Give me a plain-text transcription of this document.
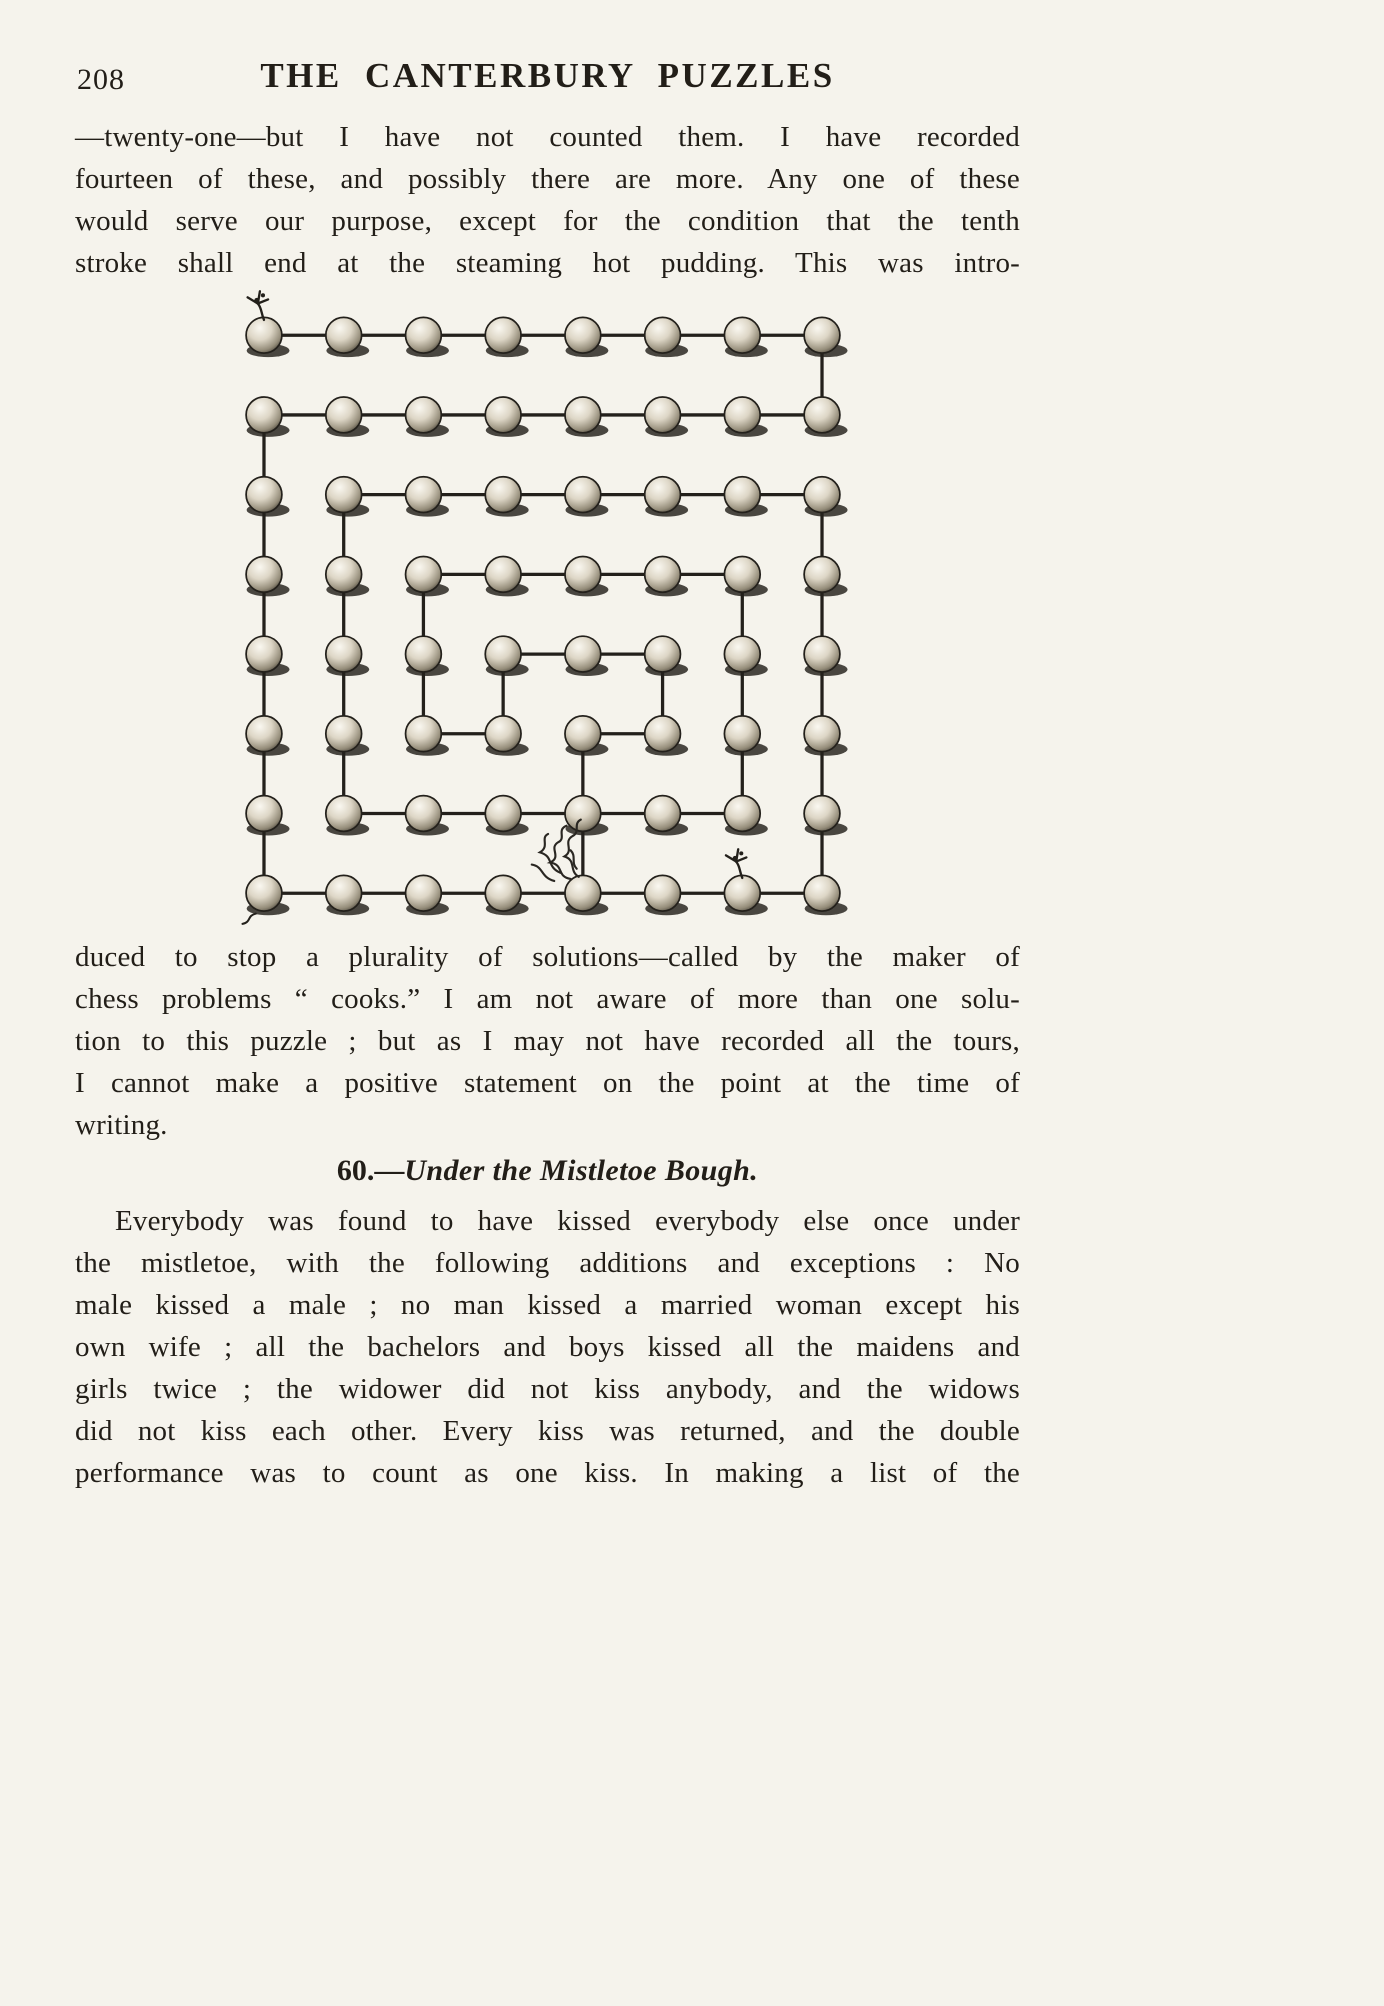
208	THE CANTERBURY PUZZLES
—twenty-one—but I have not counted them. I have recorded
fourteen of these, and possibly there are more. Any one of these
would serve our purpose, except for the condition that the tenth
stroke shall end at the steaming hot pudding. This was intro-
duced to stop a plurality of solutions—called by the maker of
chess problems “ cooks.” I am not aware of more than one solu-
tion to this puzzle ; but as I may not have recorded all the tours,
I cannot make a positive statement on the point at the time of
writing.
60.—Under the Mistletoe Bough.
Everybody was found to have kissed everybody else once under
the mistletoe, with the following additions and exceptions : No
male kissed a male ; no man kissed a married woman except his
own wife ; all the bachelors and boys kissed all the maidens and
girls twice ; the widower did not kiss anybody, and the widows
did not kiss each other. Every kiss was returned, and the double
performance was to count as one kiss. In making a list of the
